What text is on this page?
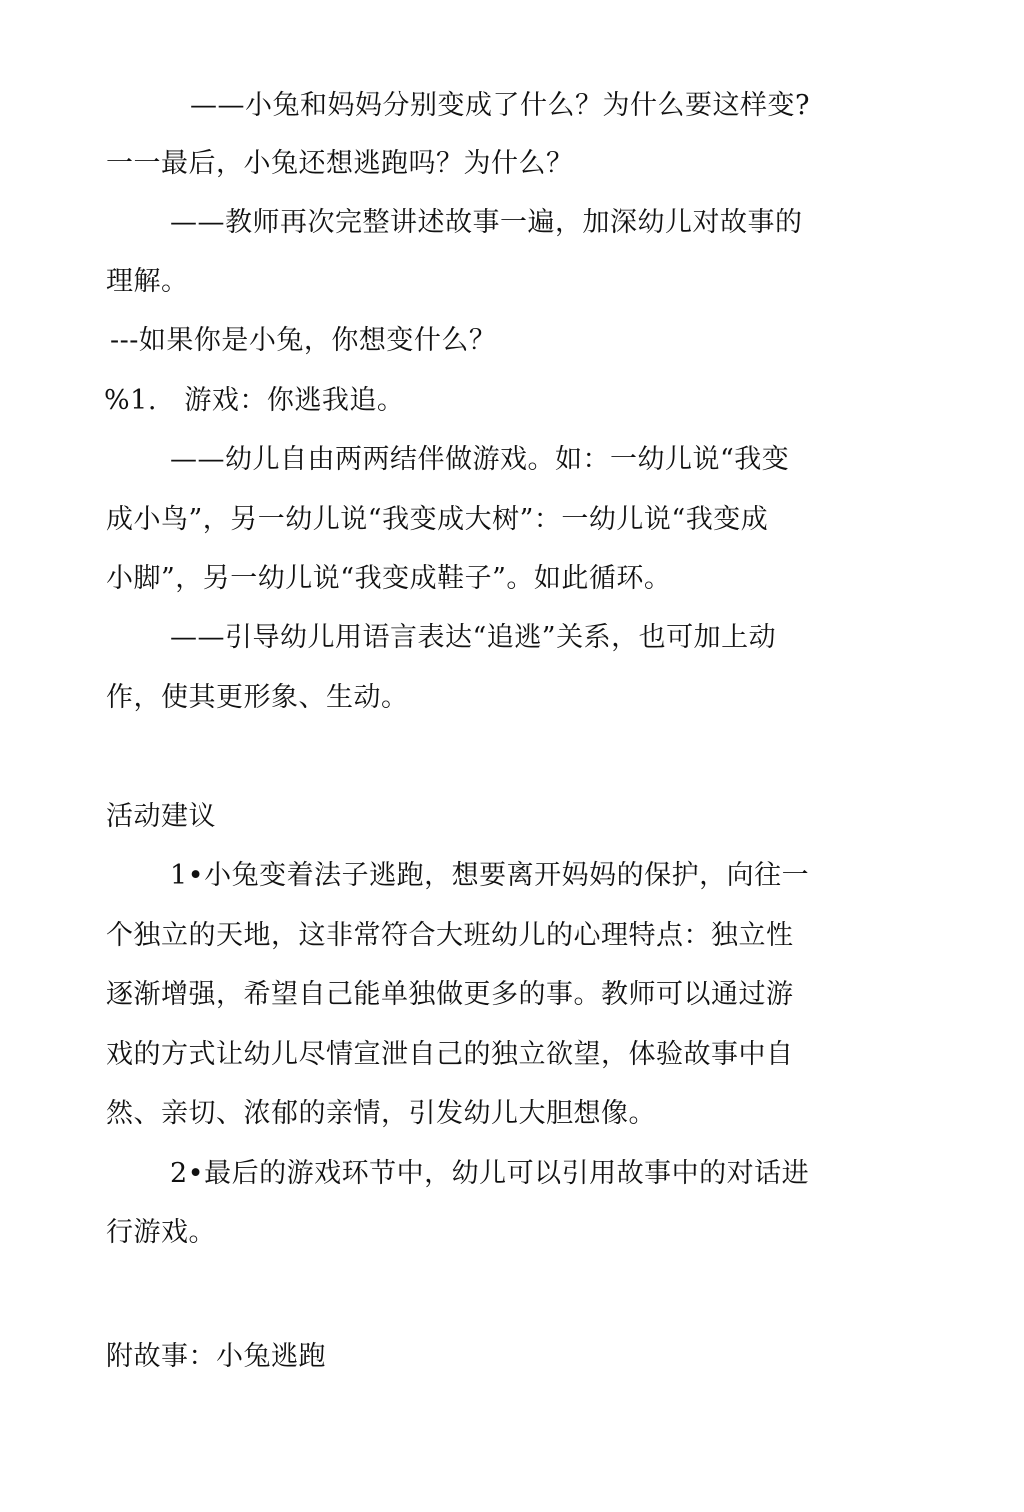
——小兔和妈妈分别变成了什么？为什么要这样变?
一一最后，小兔还想逃跑吗？为什么？
——教师再次完整讲述故事一遍，加深幼儿对故事的
理解。
---如果你是小兔，你想变什么？
%1.　游戏：你逃我追。
——幼儿自由两两结伴做游戏。如：一幼儿说“我变
成小鸟”，另一幼儿说“我变成大树”：一幼儿说“我变成
小脚”，另一幼儿说“我变成鞋子”。如此循环。
——引导幼儿用语言表达“追逃”关系，也可加上动
作，使其更形象、生动。
活动建议
1•小兔变着法子逃跑，想要离开妈妈的保护，向往一
个独立的天地，这非常符合大班幼儿的心理特点：独立性
逐渐增强，希望自己能单独做更多的事。教师可以通过游
戏的方式让幼儿尽情宣泄自己的独立欲望，体验故事中自
然、亲切、浓郁的亲情，引发幼儿大胆想像。
2•最后的游戏环节中，幼儿可以引用故事中的对话进
行游戏。
附故事：小兔逃跑
